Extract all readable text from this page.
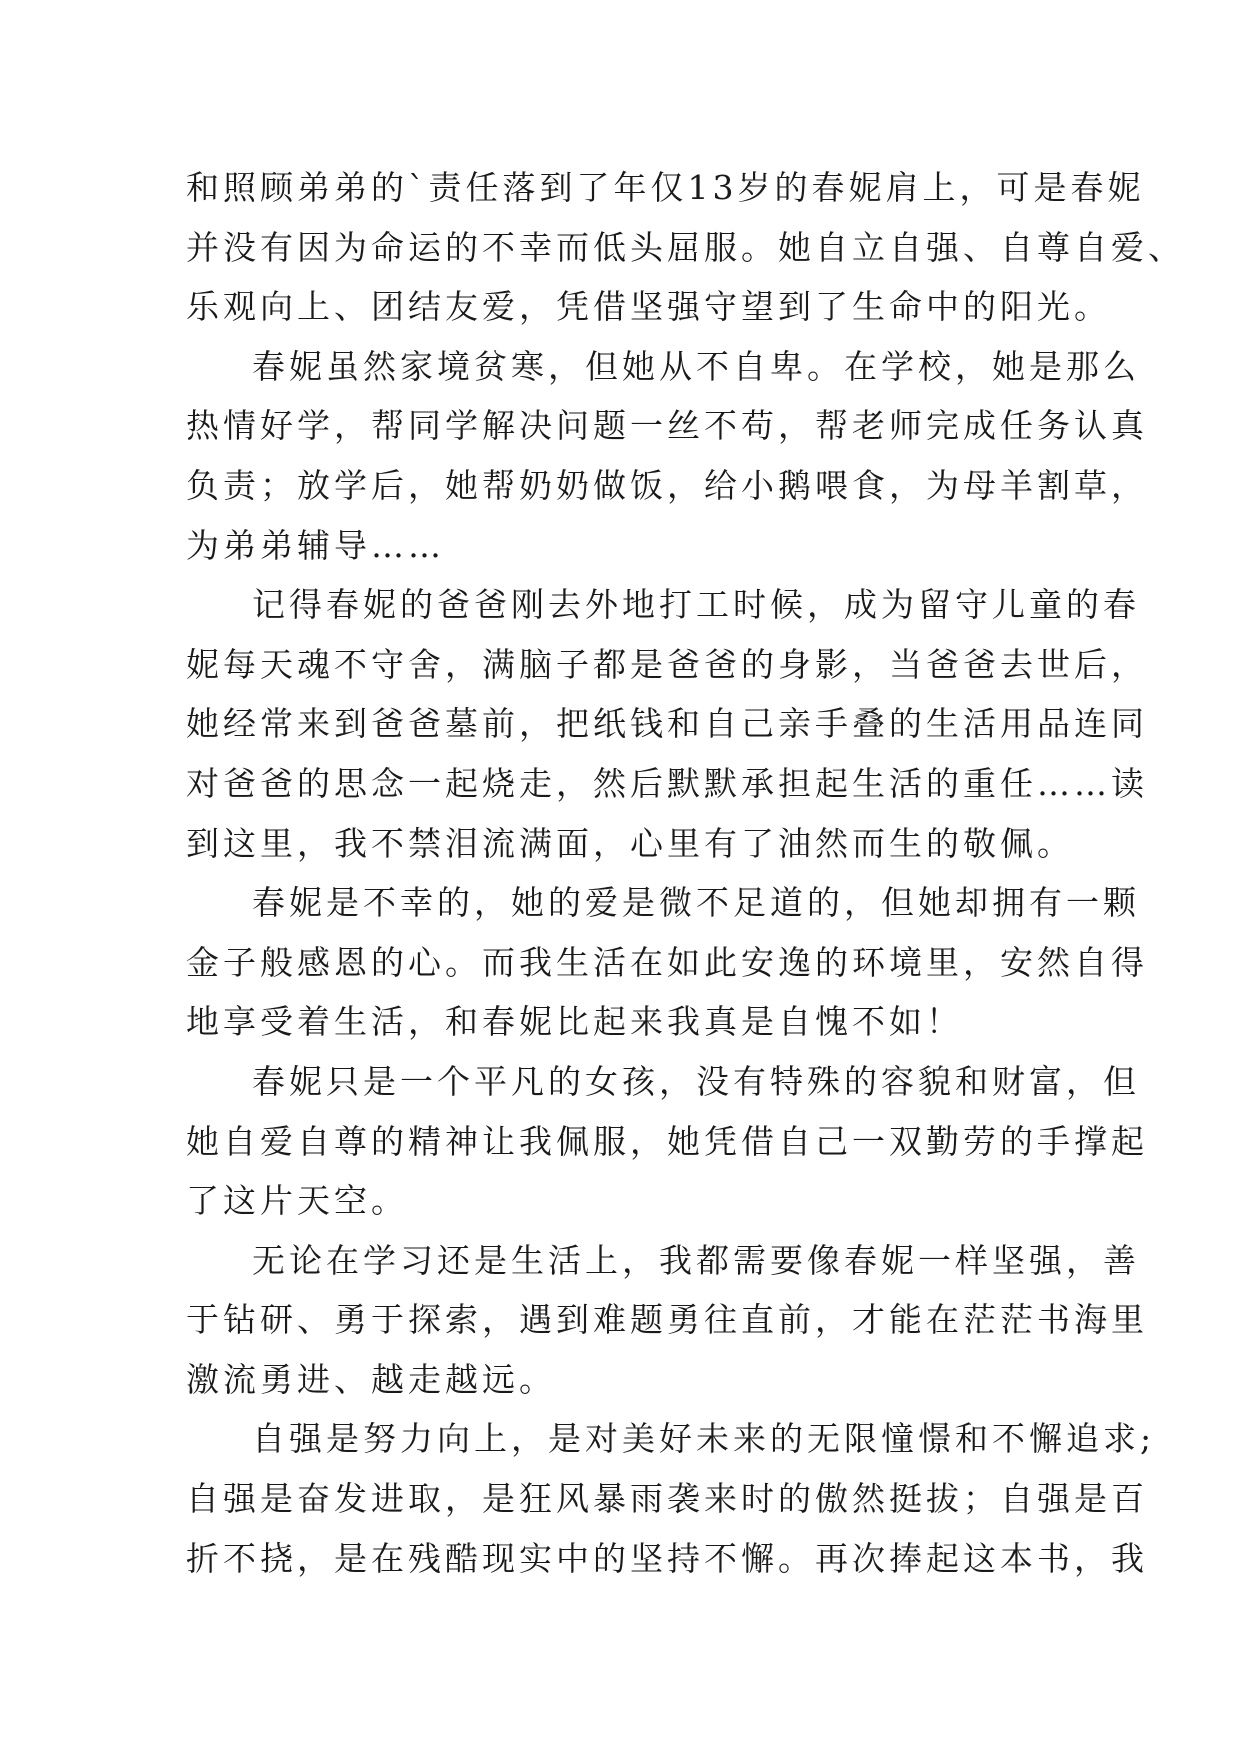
和照顾弟弟的`责任落到了年仅13岁的春妮肩上，可是春妮
并没有因为命运的不幸而低头屈服。她自立自强、自尊自爱、
乐观向上、团结友爱，凭借坚强守望到了生命中的阳光。
春妮虽然家境贫寒，但她从不自卑。在学校，她是那么
热情好学，帮同学解决问题一丝不苟，帮老师完成任务认真
负责；放学后，她帮奶奶做饭，给小鹅喂食，为母羊割草，
为弟弟辅导……
记得春妮的爸爸刚去外地打工时候，成为留守儿童的春
妮每天魂不守舍，满脑子都是爸爸的身影，当爸爸去世后，
她经常来到爸爸墓前，把纸钱和自己亲手叠的生活用品连同
对爸爸的思念一起烧走，然后默默承担起生活的重任……读
到这里，我不禁泪流满面，心里有了油然而生的敬佩。
春妮是不幸的，她的爱是微不足道的，但她却拥有一颗
金子般感恩的心。而我生活在如此安逸的环境里，安然自得
地享受着生活，和春妮比起来我真是自愧不如！
春妮只是一个平凡的女孩，没有特殊的容貌和财富，但
她自爱自尊的精神让我佩服，她凭借自己一双勤劳的手撑起
了这片天空。
无论在学习还是生活上，我都需要像春妮一样坚强，善
于钻研、勇于探索，遇到难题勇往直前，才能在茫茫书海里
激流勇进、越走越远。
自强是努力向上，是对美好未来的无限憧憬和不懈追求;
自强是奋发进取，是狂风暴雨袭来时的傲然挺拔；自强是百
折不挠，是在残酷现实中的坚持不懈。再次捧起这本书，我
